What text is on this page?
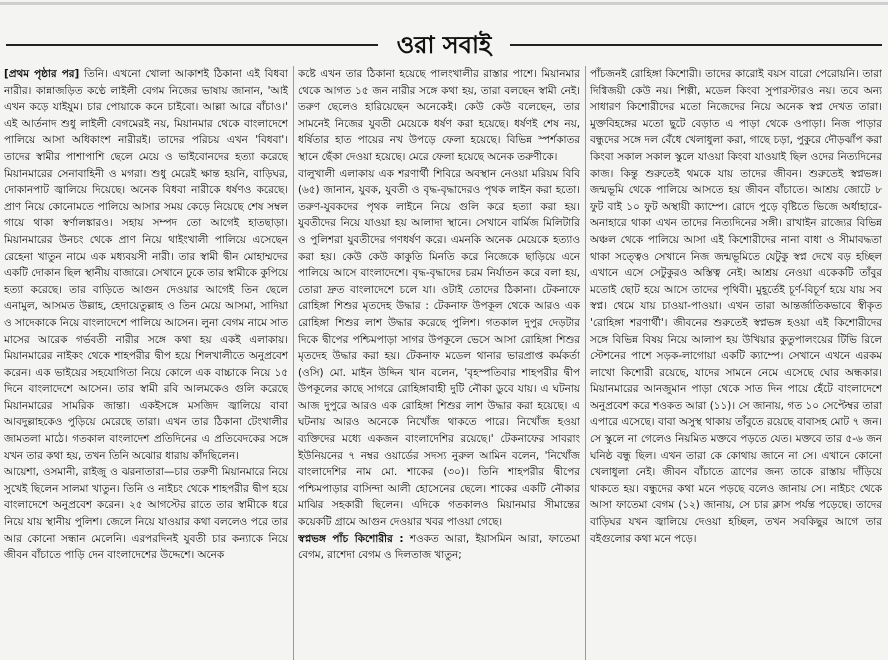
ওরা সবাই

[প্রথম পৃষ্ঠার পর] তিনি। এখনো খোলা আকাশই ঠিকানা এই বিধবা নারীর। কান্নাজড়িত কণ্ঠে লাইলী বেগম নিজের ভাষায় জানান, 'আই এখন কড়ে যাইযুম। চার পোয়াকে কনে চাইবো। আল্লা আরে বাঁচাও।' এই আর্তনাদ শুধু লাইলী বেগমেরই নয়, মিয়ানমার থেকে বাংলাদেশে পালিয়ে আসা অধিকাংশ নারীরই। তাদের পরিচয় এখন 'বিধবা'। তাদের স্বামীর পাশাপাশি ছেলে মেয়ে ও ভাইবোনদের হত্যা করেছে মিয়ানমারের সেনাবাহিনী ও মগরা। শুধু মেরেই ক্ষান্ত হয়নি, বাড়িঘর, দোকানপাট জ্বালিয়ে দিয়েছে। অনেক বিধবা নারীকে ধর্ষণও করেছে। প্রাণ নিয়ে কোনোমতে পালিয়ে আসার সময় কেড়ে নিয়েছে শেষ সম্বল গায়ে থাকা স্বর্ণালঙ্কারও। সহায় সম্পদ তো আগেই হাতছাড়া। মিয়ানমারের উনচং থেকে প্রাণ নিয়ে থাইংখালী পালিয়ে এসেছেন রেহেনা খাতুন নামে এক মধ্যবয়সী নারী। তার স্বামী দ্বীন মোহাম্মদের একটি দোকান ছিল স্থানীয় বাজারে। সেখানে ঢুকে তার স্বামীকে কুপিয়ে হত্যা করেছে। তার বাড়িতে আগুন দেওয়ার আগেই তিন ছেলে এনামুল, আসমত উল্লাহ, হেদায়েতুল্লাহ ও তিন মেয়ে আসমা, সাদিয়া ও সাদেকাকে নিয়ে বাংলাদেশে পালিয়ে আসেন। লুনা বেগম নামে সাত মাসের আরেক গর্ভবতী নারীর সঙ্গে কথা হয় একই এলাকায়। মিয়ানমারের নাইকং থেকে শাহপরীর দ্বীপ হয়ে শিলখালীতে অনুপ্রবেশ করেন। এক ভাইয়ের সহযোগিতা নিয়ে কোলে এক বাচ্চাকে নিয়ে ১৫ দিনে বাংলাদেশে আসেন। তার স্বামী রবি আলমকেও গুলি করেছে মিয়ানমারের সামরিক জান্তা। একইসঙ্গে মসজিদ জ্বালিয়ে বাবা আবদুল্লাহকেও পুড়িয়ে মেরেছে তারা। এখন তার ঠিকানা টেংখালীর জামতলা মাঠে। গতকাল বাংলাদেশ প্রতিদিনের এ প্রতিবেদকের সঙ্গে যখন তার কথা হয়, তখন তিনি অঝোর ধারায় কাঁদছিলেন।

আয়েশা, ওসমানী, রাইজু ও ঝরনাতারা—চার তরুণী মিয়ানমারে নিয়ে সুখেই ছিলেন সালমা খাতুন। তিনি ও নাইচং থেকে শাহপরীর দ্বীপ হয়ে বাংলাদেশে অনুপ্রবেশ করেন। ২৫ আগস্টের রাতে তার স্বামীকে ধরে নিয়ে যায় স্থানীয় পুলিশ। জেলে নিয়ে যাওয়ার কথা বললেও পরে তার আর কোনো সন্ধান মেলেনি। এরপরদিনই যুবতী চার কন্যাকে নিয়ে জীবন বাঁচাতে পাড়ি দেন বাংলাদেশের উদ্দেশে। অনেক

কষ্টে এখন তার ঠিকানা হয়েছে পালংখালীর রাস্তার পাশে। মিয়ানমার থেকে আগত ১৫ জন নারীর সঙ্গে কথা হয়, তারা বলছেন স্বামী নেই। তরুণ ছেলেও হারিয়েছেন অনেকেই। কেউ কেউ বলেছেন, তার সামনেই নিজের যুবতী মেয়েকে ধর্ষণ করা হয়েছে। ধর্ষণই শেষ নয়, ধর্ষিতার হাত পায়ের নখ উপড়ে ফেলা হয়েছে। বিভিন্ন স্পর্শকাতর স্থানে ছেঁকা দেওয়া হয়েছে। মেরে ফেলা হয়েছে অনেক তরুণীকে।

বালুখালী এলাকায় এক শরণার্থী শিবিরে অবস্থান নেওয়া মরিয়ম বিবি (৬৫) জানান, যুবক, যুবতী ও বৃদ্ধ-বৃদ্ধাদেরও পৃথক লাইন করা হতো। তরুণ-যুবকদের পৃথক লাইনে নিয়ে গুলি করে হত্যা করা হয়। যুবতীদের নিয়ে যাওয়া হয় আলাদা স্থানে। সেখানে বার্মিজ মিলিটারি ও পুলিশরা যুবতীদের গণধর্ষণ করে। এমনকি অনেক মেয়েকে হত্যাও করা হয়। কেউ কেউ কাকুতি মিনতি করে নিজেকে ছাড়িয়ে এনে পালিয়ে আসে বাংলাদেশে। বৃদ্ধ-বৃদ্ধাদের চরম নির্যাতন করে বলা হয়, তোরা দ্রুত বাংলাদেশে চলে যা। ওটাই তোদের ঠিকানা। টেকনাফে রোহিঙ্গা শিশুর মৃতদেহ উদ্ধার : টেকনাফ উপকূল থেকে আরও এক রোহিঙ্গা শিশুর লাশ উদ্ধার করেছে পুলিশ। গতকাল দুপুর দেড়টার দিকে দ্বীপের পশ্চিমপাড়া সাগর উপকূলে ভেসে আসা রোহিঙ্গা শিশুর মৃতদেহ উদ্ধার করা হয়। টেকনাফ মডেল থানার ভারপ্রাপ্ত কর্মকর্তা (ওসি) মো. মাইন উদ্দিন খান বলেন, 'বৃহস্পতিবার শাহপরীর দ্বীপ উপকূলের কাছে সাগরে রোহিঙ্গাবাহী দুটি নৌকা ডুবে যায়। এ ঘটনায় আজ দুপুরে আরও এক রোহিঙ্গা শিশুর লাশ উদ্ধার করা হয়েছে। এ ঘটনায় আরও অনেকে নিখোঁজ থাকতে পারে। নিখোঁজ হওয়া ব্যক্তিদের মধ্যে একজন বাংলাদেশির রয়েছে।' টেকনাফের সাবরাং ইউনিয়নের ৭ নম্বর ওয়ার্ডের সদস্য নুরুল আমিন বলেন, 'নিখোঁজ বাংলাদেশির নাম মো. শাকের (৩০)। তিনি শাহপরীর দ্বীপের পশ্চিমপাড়ার বাসিন্দা আলী হোসেনের ছেলে। শাকের একটি নৌকার মাঝির সহকারী ছিলেন। এদিকে গতকালও মিয়ানমার সীমান্তের কয়েকটি গ্রামে আগুন দেওয়ার খবর পাওয়া গেছে।

স্বপ্নভঙ্গ পাঁচ কিশোরীর : শওকত আরা, ইয়াসমিন আরা, ফাতেমা বেগম, রাশেদা বেগম ও দিলতাজ খাতুন;

পাঁচজনই রোহিঙ্গা কিশোরী। তাদের কারোই বয়স বারো পেরোয়নি। তারা দিগ্বিজয়ী কেউ নয়। শিল্পী, মডেল কিংবা সুপারস্টারও নয়। তবে অন্য সাধারণ কিশোরীদের মতো নিজেদের নিয়ে অনেক স্বপ্ন দেখত তারা। মুক্তবিহঙ্গের মতো ছুটে বেড়াত এ পাড়া থেকে ওপাড়া। নিজ পাড়ার বন্ধুদের সঙ্গে দল বেঁধে খেলাধুলা করা, গাছে চড়া, পুকুরে দৌড়ঝাঁপ করা কিংবা সকাল সকাল স্কুলে যাওয়া কিংবা যাওয়াই ছিল ওদের নিত্যদিনের কাজ। কিন্তু শুরুতেই থমকে যায় তাদের জীবন। শুরুতেই স্বপ্নভঙ্গ। জন্মভূমি থেকে পালিয়ে আসতে হয় জীবন বাঁচাতে। আশ্রয় জোটে ৮ ফুট বাই ১০ ফুট অস্থায়ী ক্যাম্পে। রোদে পুড়ে বৃষ্টিতে ভিজে অর্ধাহারে-অনাহারে থাকা এখন তাদের নিত্যদিনের সঙ্গী। রাখাইন রাজ্যের বিভিন্ন অঞ্চল থেকে পালিয়ে আসা এই কিশোরীদের নানা বাধা ও সীমাবদ্ধতা থাকা সত্ত্বেও সেখানে নিজ জন্মভূমিতে যেটুকু স্বপ্ন দেখে বড় হচ্ছিল এখানে এসে সেটুকুরও অস্তিত্ব নেই। আশ্রয় নেওয়া একেকটি তাঁবুর মতোই ছোট হয়ে আসে তাদের পৃথিবী। মুহূর্তেই চূর্ণ-বিচূর্ণ হয়ে যায় সব স্বপ্ন। থেমে যায় চাওয়া-পাওয়া। এখন তারা আন্তর্জাতিকভাবে স্বীকৃত 'রোহিঙ্গা শরণার্থী'। জীবনের শুরুতেই স্বপ্নভঙ্গ হওয়া এই কিশোরীদের সঙ্গে বিভিন্ন বিষয় নিয়ে আলাপ হয় উখিয়ার কুতুপালংয়ের টিভি রিলে স্টেশনের পাশে সড়ক-লাগোয়া একটি ক্যাম্পে। সেখানে এখনে এরকম লাখো কিশোরী রয়েছে, যাদের সামনে নেমে এসেছে ঘোর অন্ধকার। মিয়ানমারের আনজুমান পাড়া থেকে সাত দিন পায়ে হেঁটে বাংলাদেশে অনুপ্রবেশ করে শওকত আরা (১১)। সে জানায়, গত ১০ সেপ্টেম্বর তারা এপারে এসেছে। বাবা অসুস্থ থাকায় তাঁবুতে রয়েছে বাবাসহ মোট ৭ জন। সে স্কুলে না গেলেও নিয়মিত মক্তবে পড়তে যেত। মক্তবে তার ৫-৬ জন ঘনিষ্ঠ বন্ধু ছিল। এখন তারা কে কোথায় জানে না সে। এখানে কোনো খেলাধুলা নেই। জীবন বাঁচাতে ত্রাণের জন্য তাকে রাস্তায় দাঁড়িয়ে থাকতে হয়। বন্ধুদের কথা মনে পড়ছে বলেও জানায় সে। নাইচং থেকে আসা ফাতেমা বেগম (১২) জানায়, সে চার ক্লাস পর্যন্ত পড়েছে। তাদের বাড়িঘর যখন জ্বালিয়ে দেওয়া হচ্ছিল, তখন সবকিছুর আগে তার বইগুলোর কথা মনে পড়ে।
